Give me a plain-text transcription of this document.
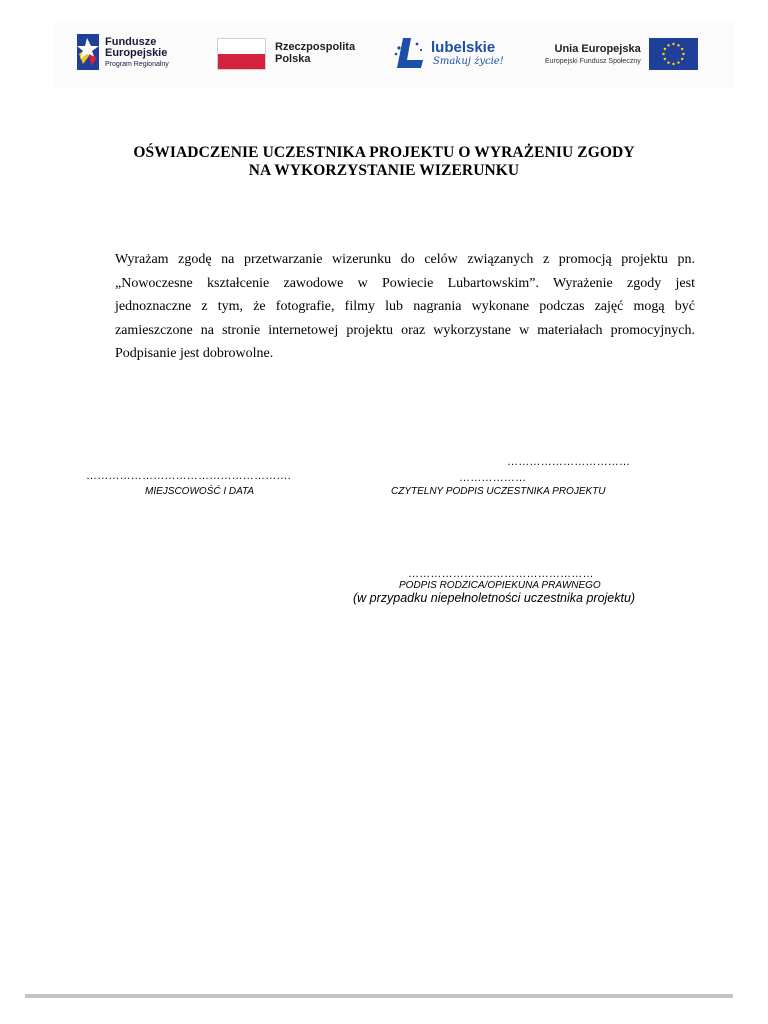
Fundusze
Europejskie
Program Regionalny
Rzeczpospolita
Polska
lubelskie
Smakuj życie!
Unia Europejska
Europejski Fundusz Społeczny
OŚWIADCZENIE UCZESTNIKA PROJEKTU O WYRAŻENIU ZGODY
NA WYKORZYSTANIE WIZERUNKU
Wyrażam zgodę na przetwarzanie wizerunku do celów związanych z promocją projektu pn.
„Nowoczesne kształcenie zawodowe w Powiecie Lubartowskim”. Wyrażenie zgody jest
jednoznaczne z tym, że fotografie, filmy lub nagrania wykonane podczas zajęć mogą być
zamieszczone na stronie internetowej projektu oraz wykorzystane w materiałach promocyjnych.
Podpisanie jest dobrowolne.
……………………………………………….
MIEJSCOWOŚĆ I DATA
……………………………
………………
CZYTELNY PODPIS UCZESTNIKA PROJEKTU
…………………..………………………
PODPIS RODZICA/OPIEKUNA PRAWNEGO
(w przypadku niepełnoletności uczestnika projektu)
